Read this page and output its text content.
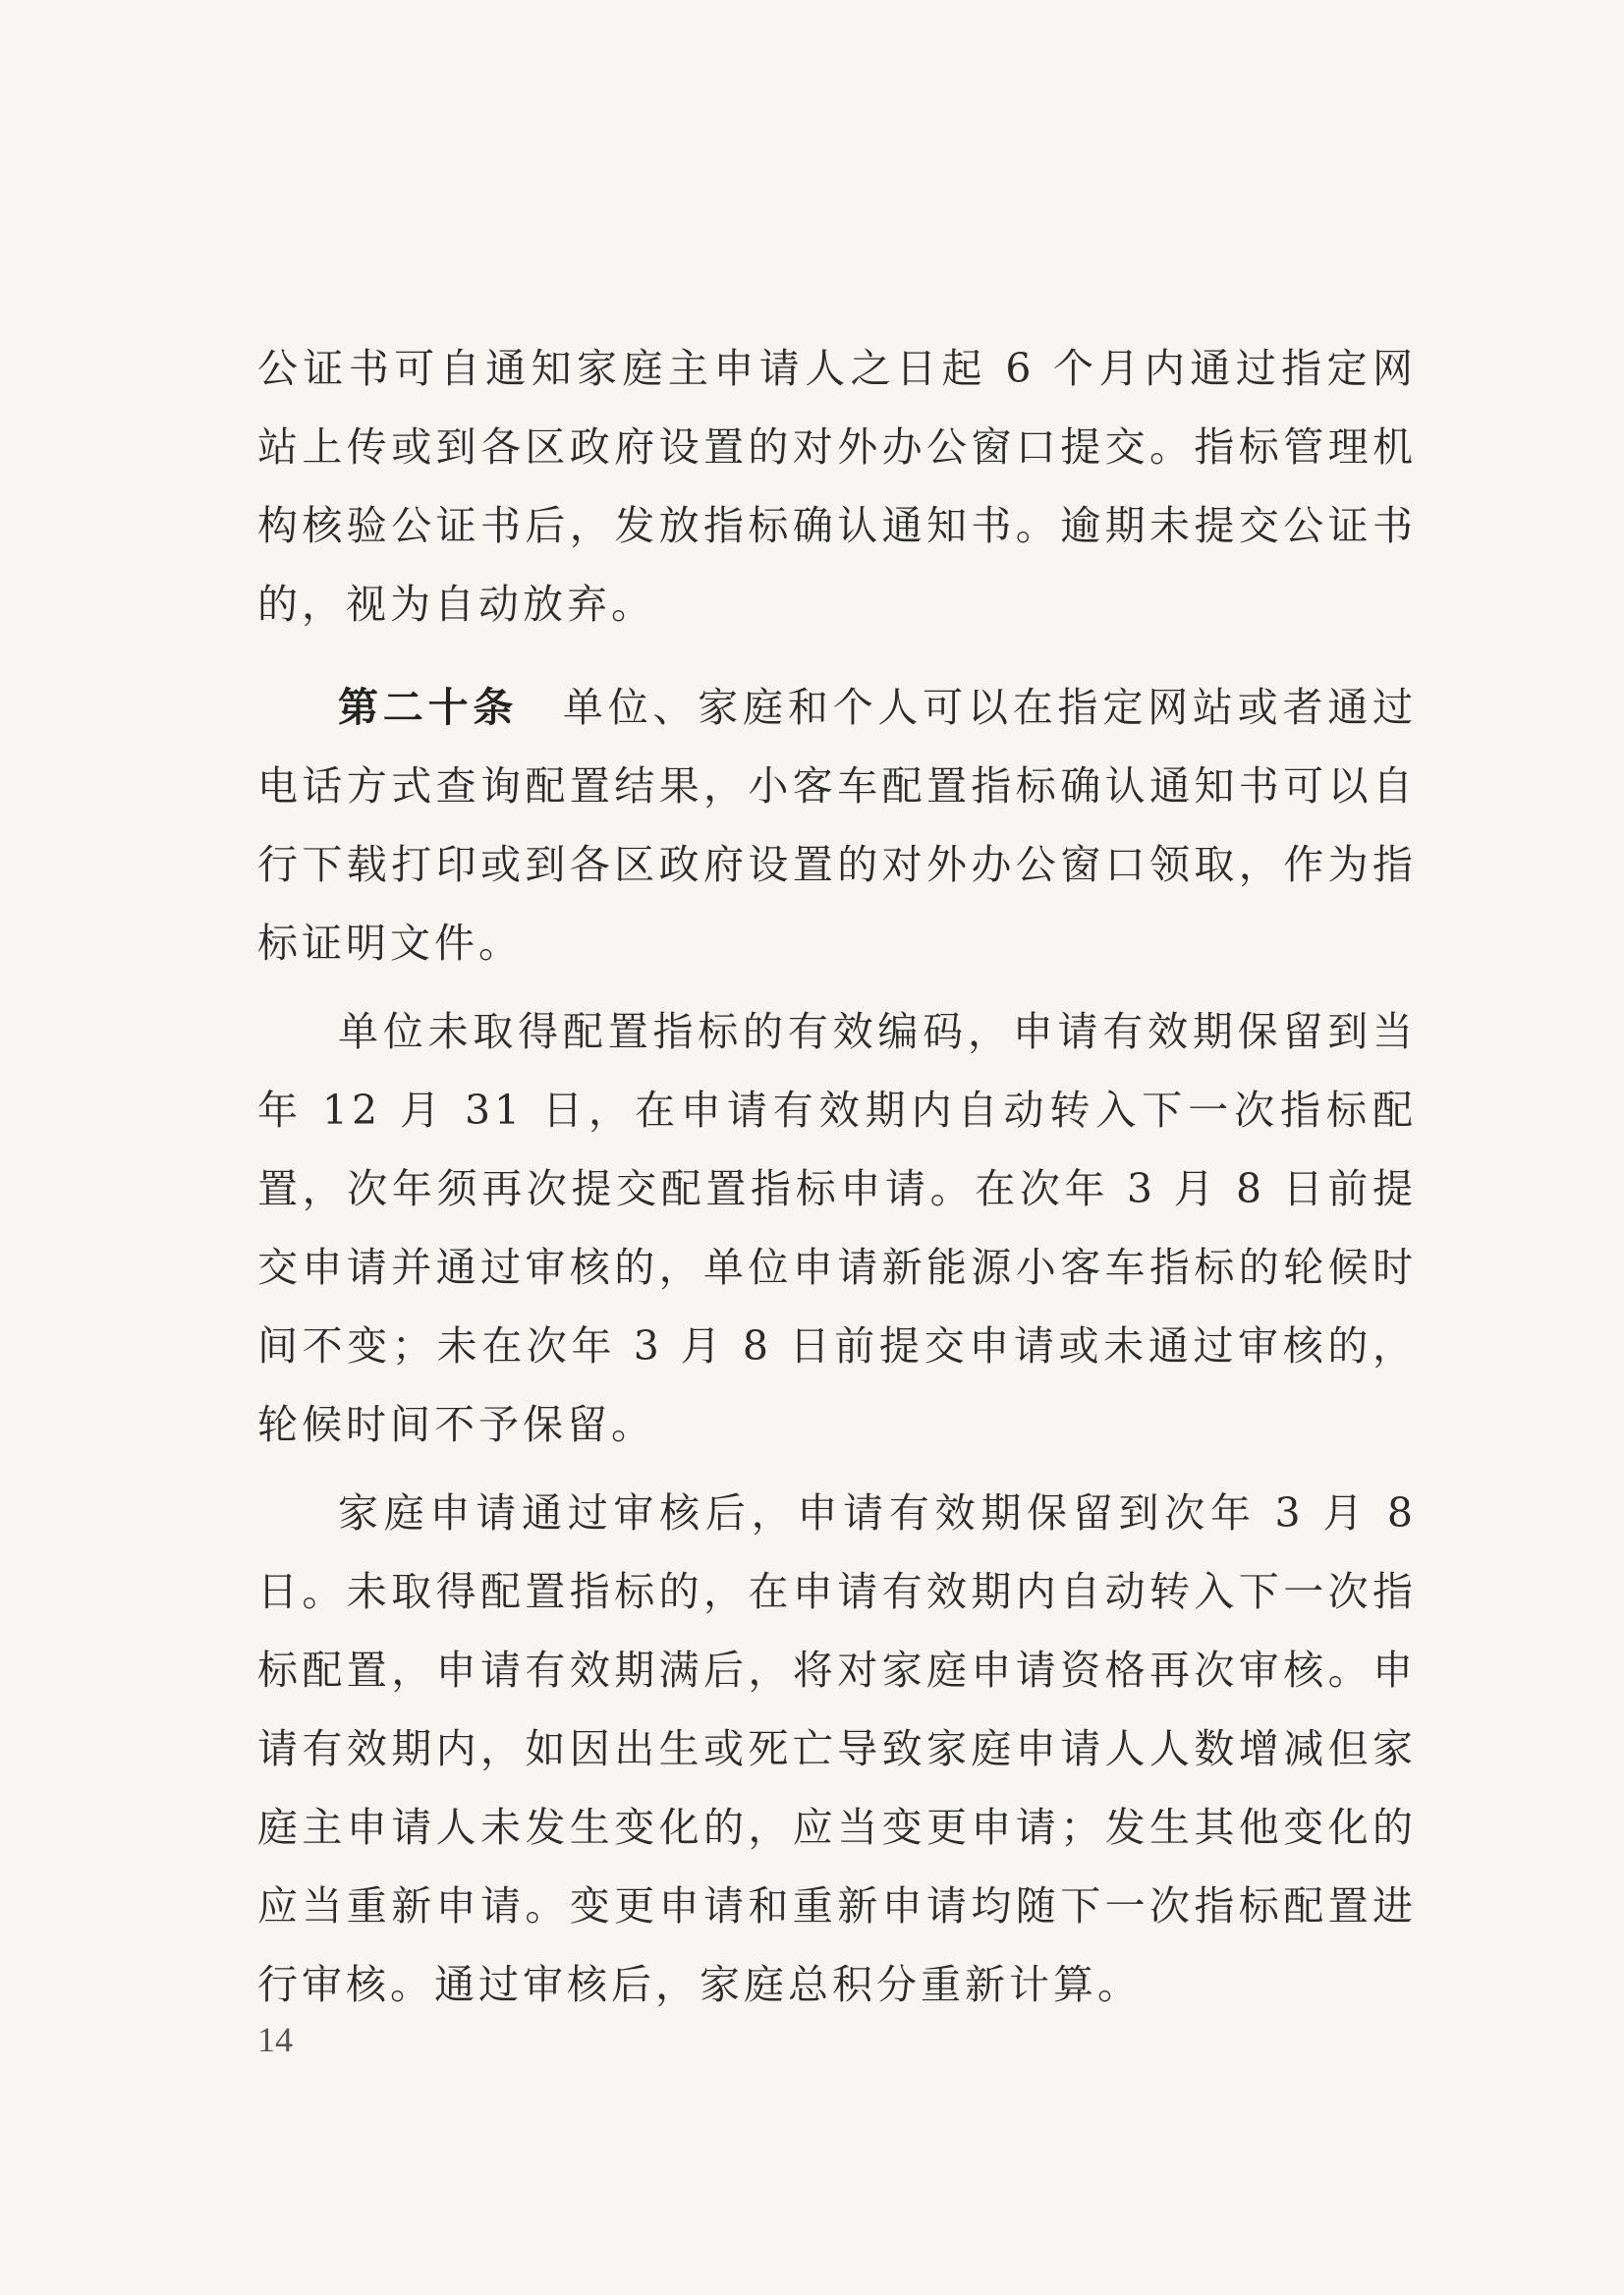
公证书可自通知家庭主申请人之日起 6 个月内通过指定网站上传或到各区政府设置的对外办公窗口提交。指标管理机构核验公证书后，发放指标确认通知书。逾期未提交公证书的，视为自动放弃。

第二十条　单位、家庭和个人可以在指定网站或者通过电话方式查询配置结果，小客车配置指标确认通知书可以自行下载打印或到各区政府设置的对外办公窗口领取，作为指标证明文件。

单位未取得配置指标的有效编码，申请有效期保留到当年 12 月 31 日，在申请有效期内自动转入下一次指标配置，次年须再次提交配置指标申请。在次年 3 月 8 日前提交申请并通过审核的，单位申请新能源小客车指标的轮候时间不变；未在次年 3 月 8 日前提交申请或未通过审核的，轮候时间不予保留。

家庭申请通过审核后，申请有效期保留到次年 3 月 8 日。未取得配置指标的，在申请有效期内自动转入下一次指标配置，申请有效期满后，将对家庭申请资格再次审核。申请有效期内，如因出生或死亡导致家庭申请人人数增减但家庭主申请人未发生变化的，应当变更申请；发生其他变化的应当重新申请。变更申请和重新申请均随下一次指标配置进行审核。通过审核后，家庭总积分重新计算。

14
